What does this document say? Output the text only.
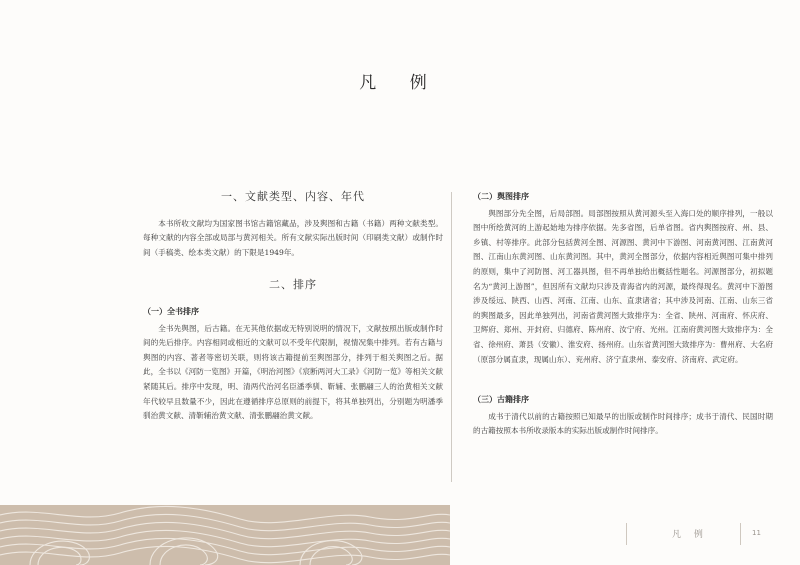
凡 例
一、文献类型、内容、年代

本书所收文献均为国家图书馆古籍馆藏品，涉及舆图和古籍（书籍）两种文献类型。每种文献的内容全部或局部与黄河相关。所有文献实际出版时间（印刷类文献）或制作时间（手稿类、绘本类文献）的下限是1949年。

二、排序
（一）全书排序

全书先舆图，后古籍。在无其他依据或无特别说明的情况下，文献按照出版或制作时间的先后排序。内容相同或相近的文献可以不受年代限制，视情况集中排列。若有古籍与舆图的内容、著者等密切关联，则将该古籍提前至舆图部分，排列于相关舆图之后。据此，全书以《河防一览图》开篇，《明治河图》《宸断两河大工录》《河防一览》等相关文献紧随其后。排序中发现，明、清两代治河名臣潘季驯、靳辅、张鹏翮三人的治黄相关文献年代较早且数量不少，因此在遵循排序总原则的前提下，将其单独列出，分别题为明潘季驯治黄文献、清靳辅治黄文献、清张鹏翮治黄文献。

（二）舆图排序

舆图部分先全图，后局部图。局部图按照从黄河源头至入海口处的顺序排列，一般以图中所绘黄河的上游起始地为排序依据。先多省图，后单省图。省内舆图按府、州、县、乡镇、村等排序。此部分包括黄河全图、河源图、黄河中下游图、河南黄河图、江南黄河图、江南山东黄河图、山东黄河图。其中，黄河全图部分，依据内容相近舆图可集中排列的原则，集中了河防图、河工器具图，但不再单独给出概括性题名。河源图部分，初拟题名为“黄河上游图”，但因所有文献均只涉及青海省内的河源，最终得现名。黄河中下游图涉及绥远、陕西、山西、河南、江南、山东、直隶诸省；其中涉及河南、江南、山东三省的舆图最多，因此单独列出，河南省黄河图大致排序为：全省、陕州、河南府、怀庆府、卫辉府、郑州、开封府、归德府、陈州府、汝宁府、光州。江南府黄河图大致排序为：全省、徐州府、萧县（安徽）、淮安府、扬州府。山东省黄河图大致排序为：曹州府、大名府（原部分属直隶，现属山东）、兖州府、济宁直隶州、泰安府、济南府、武定府。

（三）古籍排序

成书于清代以前的古籍按照已知最早的出版或制作时间排序；成书于清代、民国时期的古籍按照本书所收录版本的实际出版或制作时间排序。

凡 例	11
